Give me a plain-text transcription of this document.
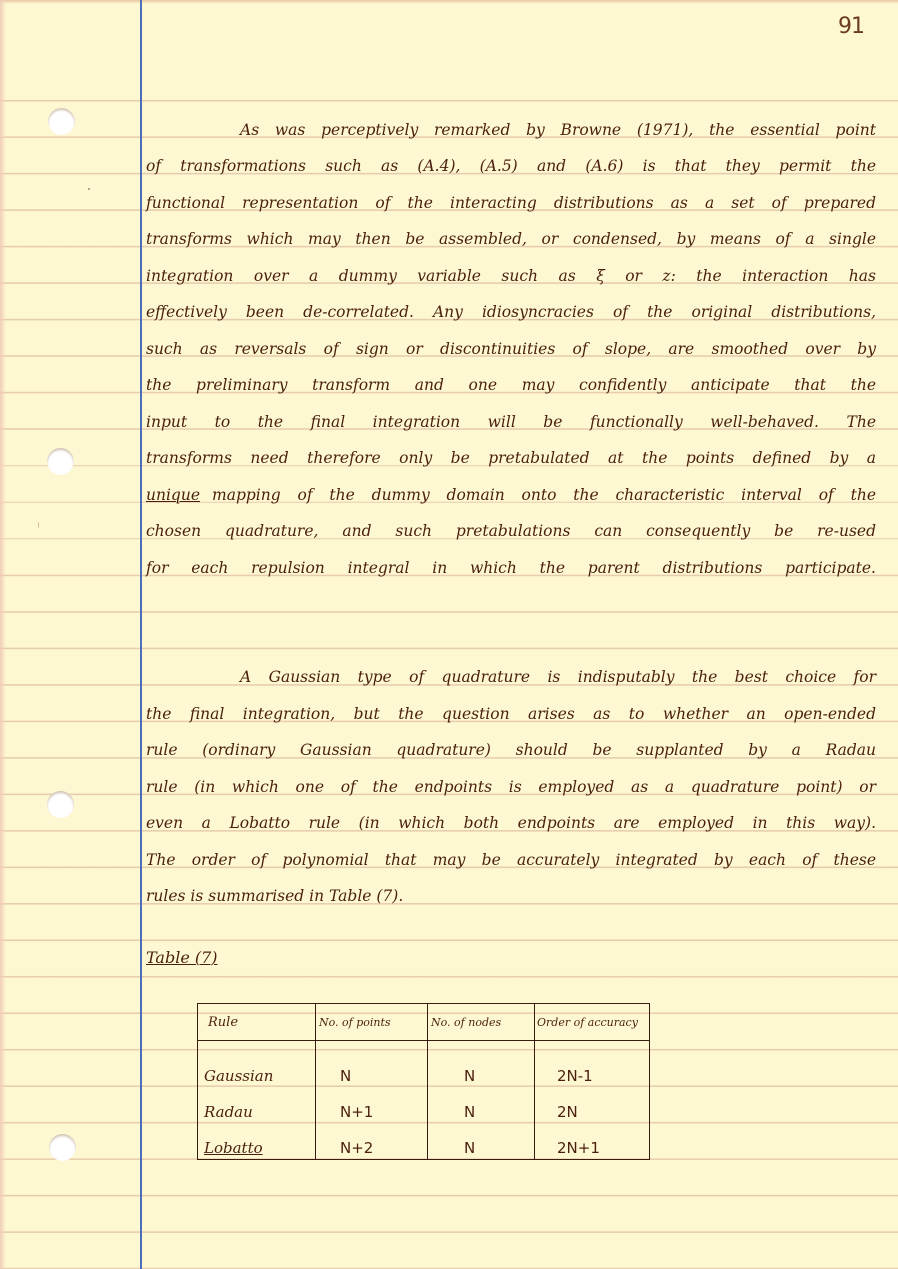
91
As was perceptively remarked by Browne (1971), the essential point
of transformations such as (A.4), (A.5) and (A.6) is that they permit the
functional representation of the interacting distributions as a set of prepared
transforms which may then be assembled, or condensed, by means of a single
integration over a dummy variable such as ξ or z: the interaction has
effectively been de-correlated. Any idiosyncracies of the original distributions,
such as reversals of sign or discontinuities of slope, are smoothed over by
the preliminary transform and one may confidently anticipate that the
input to the final integration will be functionally well-behaved. The
transforms need therefore only be pretabulated at the points defined by a
unique mapping of the dummy domain onto the characteristic interval of the
chosen quadrature, and such pretabulations can consequently be re-used
for each repulsion integral in which the parent distributions participate.
A Gaussian type of quadrature is indisputably the best choice for
the final integration, but the question arises as to whether an open-ended
rule (ordinary Gaussian quadrature) should be supplanted by a Radau
rule (in which one of the endpoints is employed as a quadrature point) or
even a Lobatto rule (in which both endpoints are employed in this way).
The order of polynomial that may be accurately integrated by each of these
rules is summarised in Table (7).
Table (7)
Rule	No. of points	No. of nodes	Order of accuracy
Gaussian	N	N	2N-1
Radau	N+1	N	2N
Lobatto	N+2	N	2N+1
